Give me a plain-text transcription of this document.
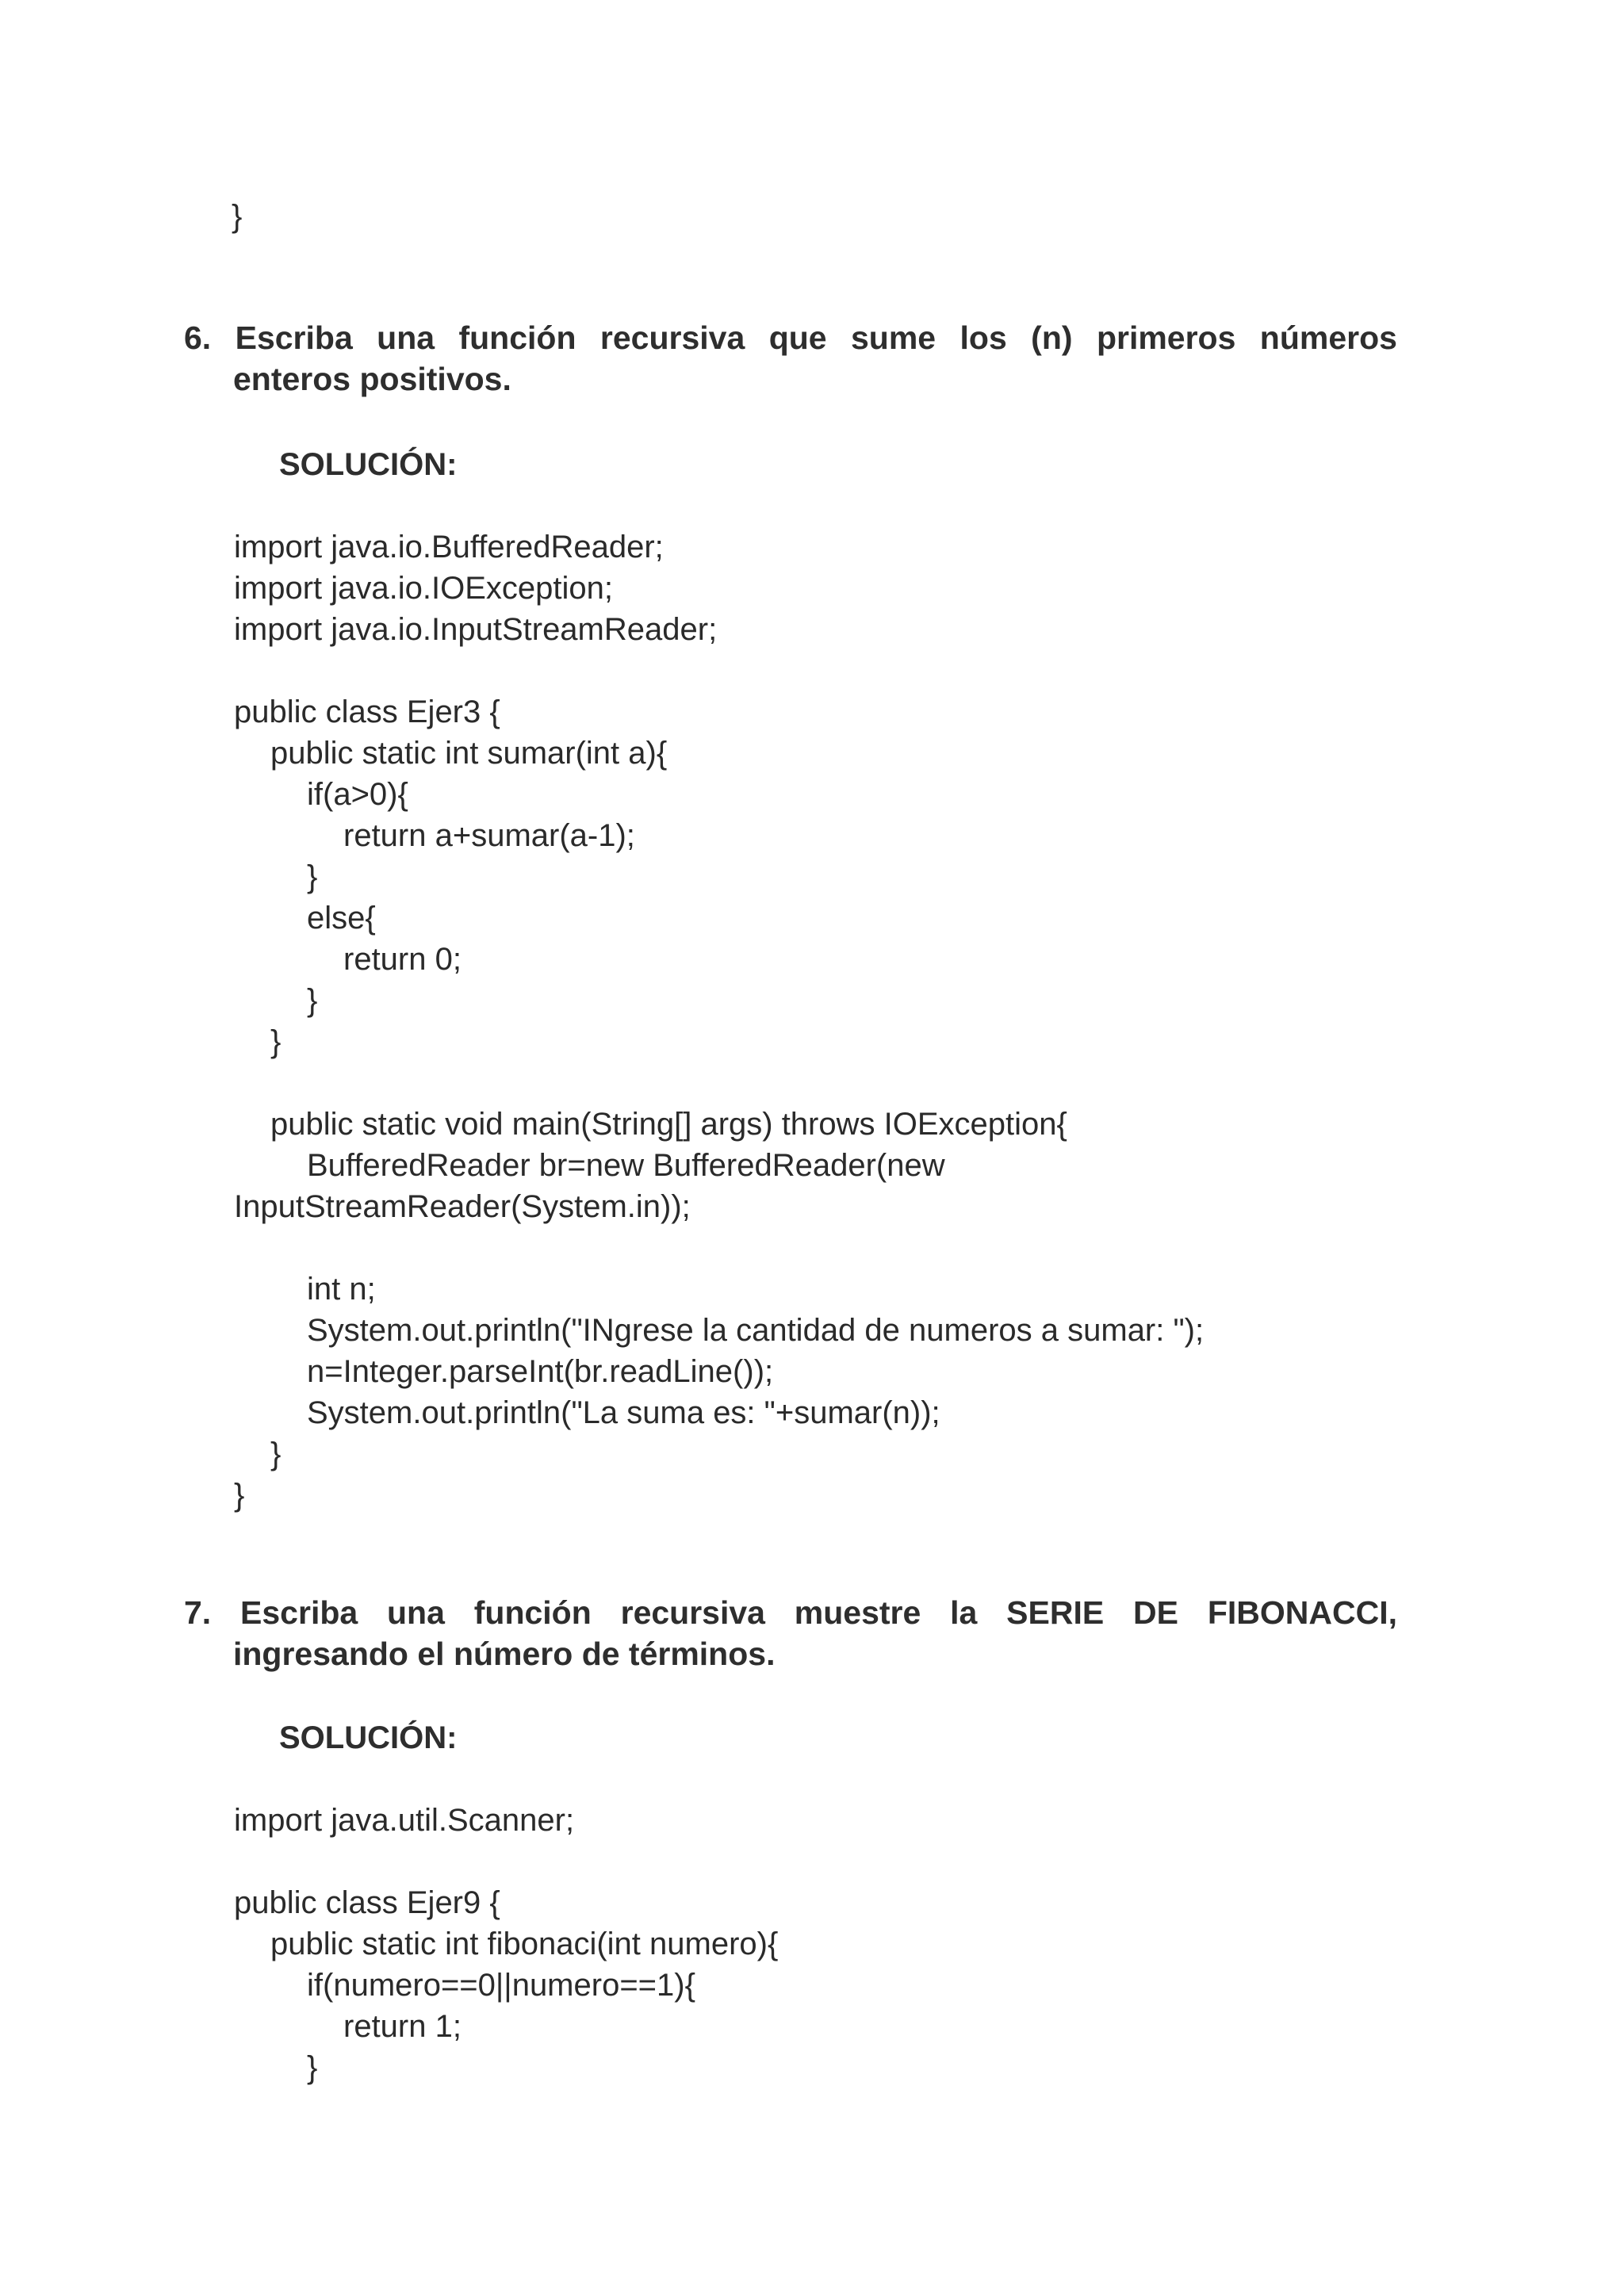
}
6. Escriba una función recursiva que sume los (n) primeros números
enteros positivos.
SOLUCIÓN:
7. Escriba una función recursiva muestre la SERIE DE FIBONACCI,
ingresando el número de términos.
SOLUCIÓN:
import java.io.BufferedReader;
import java.io.IOException;
import java.io.InputStreamReader;
public class Ejer3 {
public static int sumar(int a){
if(a>0){
return a+sumar(a-1);
}
else{
return 0;
}
}
public static void main(String[] args) throws IOException{
BufferedReader br=new BufferedReader(new
InputStreamReader(System.in));
int n;
System.out.println("INgrese la cantidad de numeros a sumar: ");
n=Integer.parseInt(br.readLine());
System.out.println("La suma es: "+sumar(n));
}
}
import java.util.Scanner;
public class Ejer9 {
public static int fibonaci(int numero){
if(numero==0||numero==1){
return 1;
}
